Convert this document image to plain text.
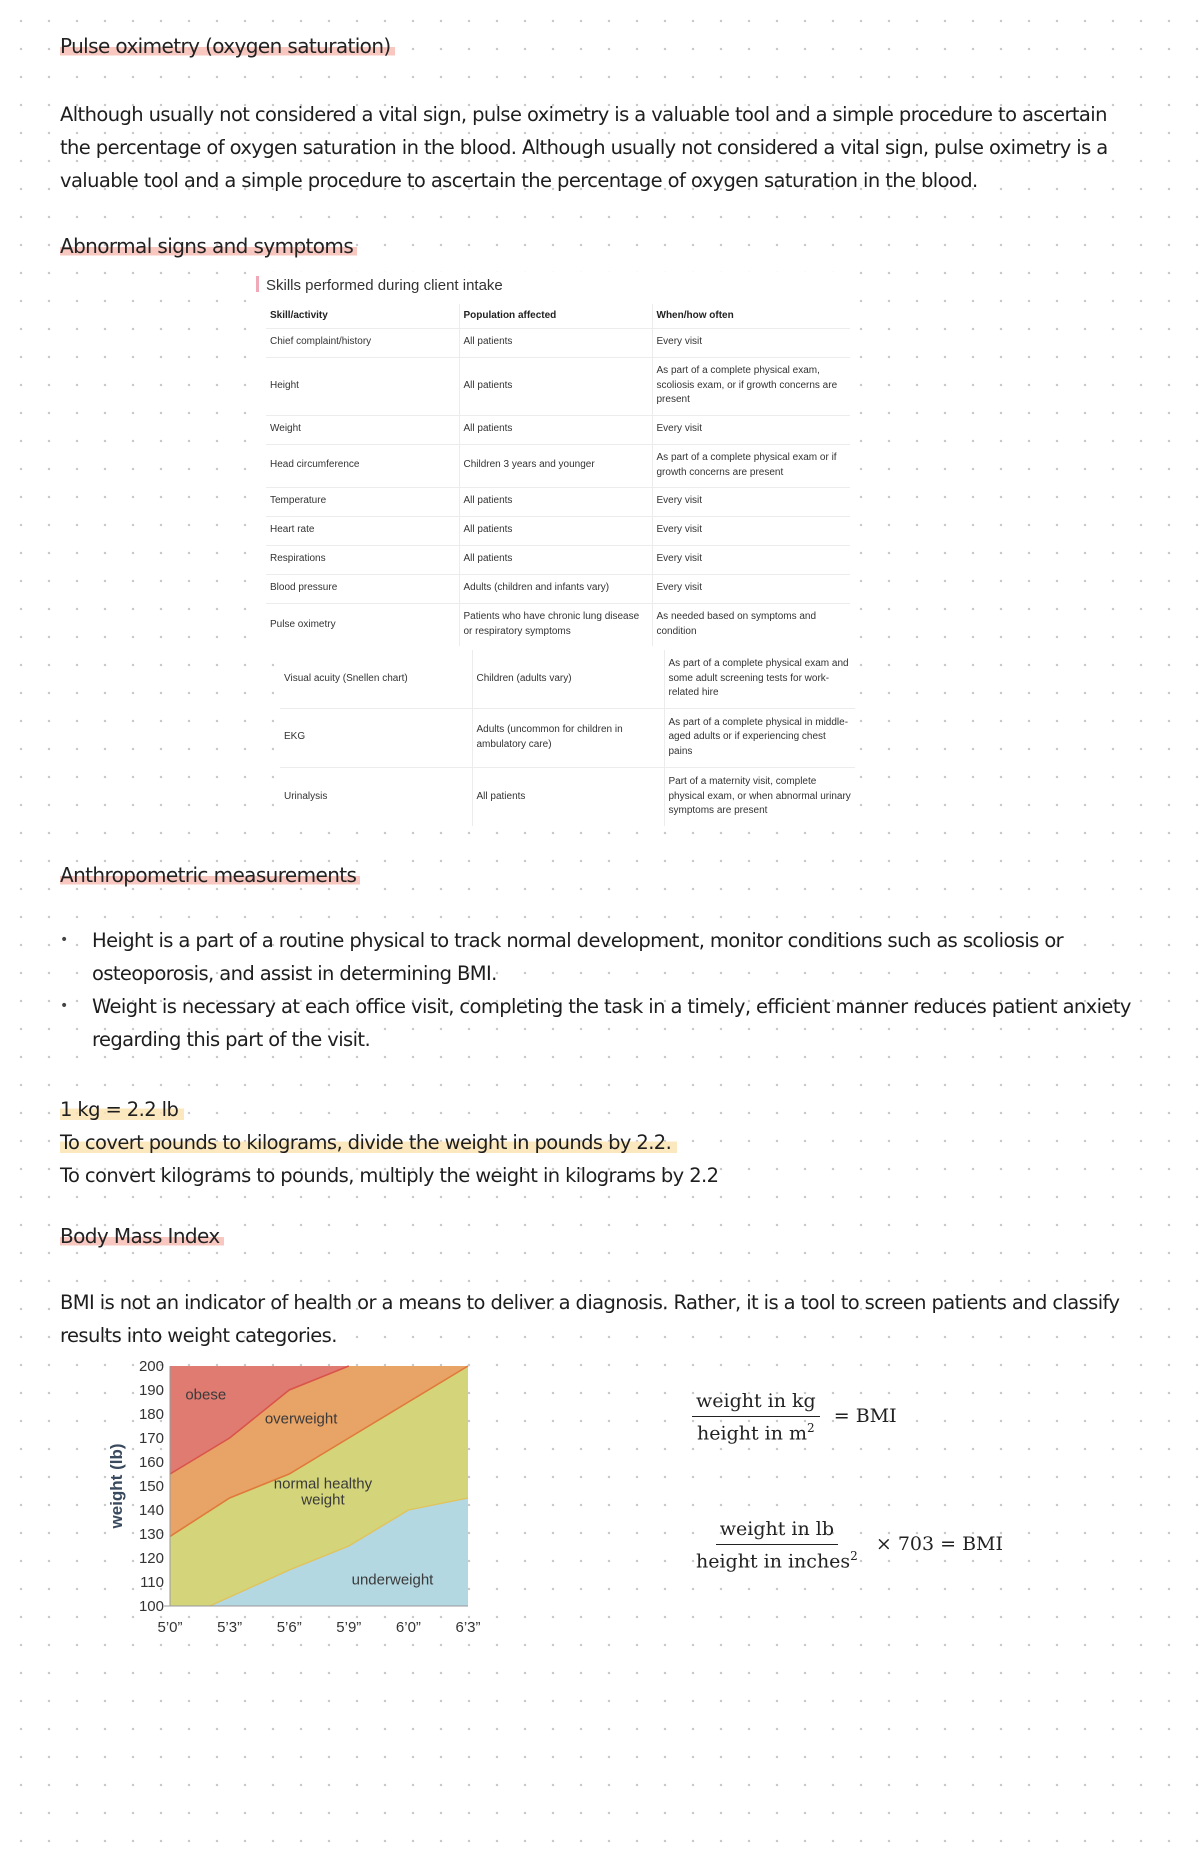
Pulse oximetry (oxygen saturation)
Although usually not considered a vital sign, pulse oximetry is a valuable tool and a simple procedure to ascertain the percentage of oxygen saturation in the blood. Although usually not considered a vital sign, pulse oximetry is a valuable tool and a simple procedure to ascertain the percentage of oxygen saturation in the blood.
Abnormal signs and symptoms
Skills performed during client intake
Skill/activity	Population affected	When/how often
Chief complaint/history	All patients	Every visit
Height	All patients	As part of a complete physical exam, scoliosis exam, or if growth concerns are present
Weight	All patients	Every visit
Head circumference	Children 3 years and younger	As part of a complete physical exam or if growth concerns are present
Temperature	All patients	Every visit
Heart rate	All patients	Every visit
Respirations	All patients	Every visit
Blood pressure	Adults (children and infants vary)	Every visit
Pulse oximetry	Patients who have chronic lung disease or respiratory symptoms	As needed based on symptoms and condition
Visual acuity (Snellen chart)	Children (adults vary)	As part of a complete physical exam and some adult screening tests for work-related hire
EKG	Adults (uncommon for children in ambulatory care)	As part of a complete physical in middle-aged adults or if experiencing chest pains
Urinalysis	All patients	Part of a maternity visit, complete physical exam, or when abnormal urinary symptoms are present
Anthropometric measurements
• Height is a part of a routine physical to track normal development, monitor conditions such as scoliosis or osteoporosis, and assist in determining BMI.
• Weight is necessary at each office visit, completing the task in a timely, efficient manner reduces patient anxiety regarding this part of the visit.
1 kg = 2.2 lb
To covert pounds to kilograms, divide the weight in pounds by 2.2.
To convert kilograms to pounds, multiply the weight in kilograms by 2.2
Body Mass Index
BMI is not an indicator of health or a means to deliver a diagnosis. Rather, it is a tool to screen patients and classify results into weight categories.
100
110
120
130
140
150
160
170
180
190
200
5’0” 5’3” 5’6” 5’9” 6’0” 6’3”
weight (lb)
obese
overweight
normal healthy
weight
underweight
$\frac{\text{weight in kg}}{height in m^2}$ = BMI
$\frac{\text{weight in lb}}{height in inches^2} \times 703$ = BMI
